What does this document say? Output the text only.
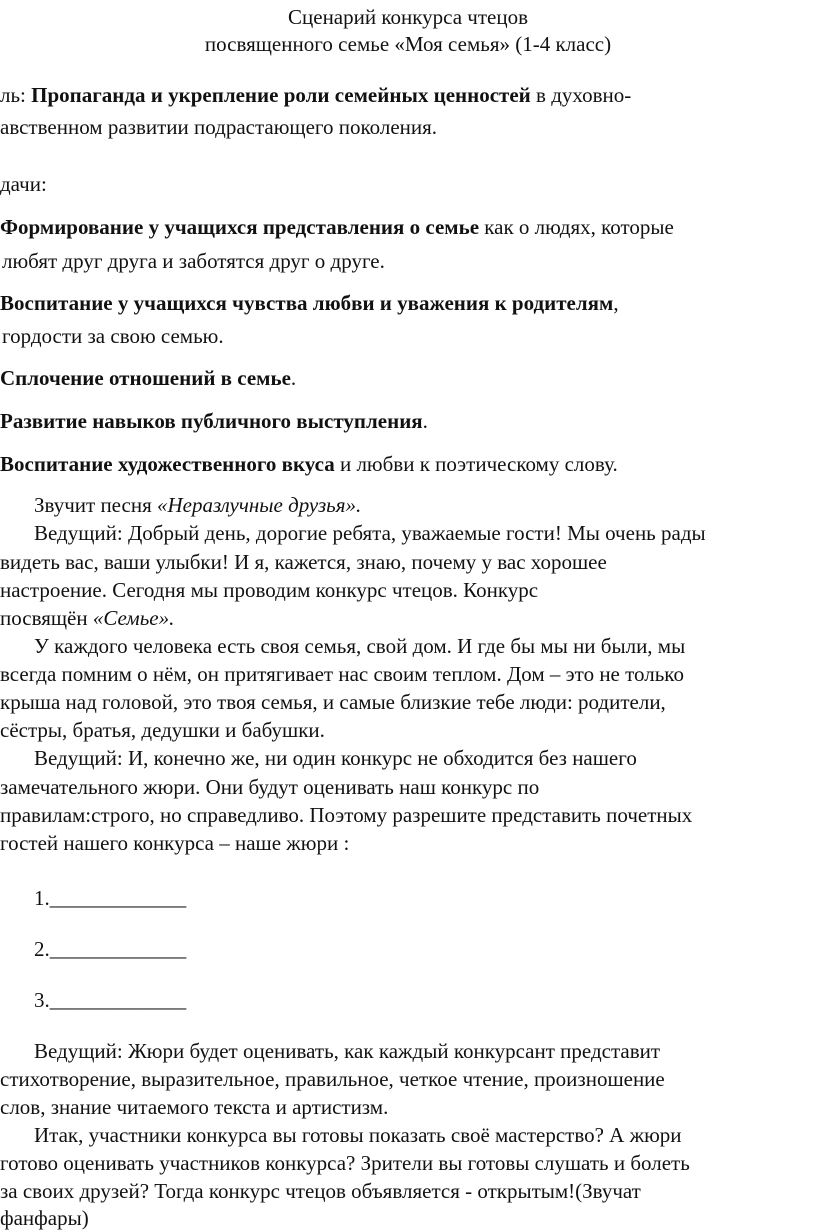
Сценарий конкурса чтецов
посвященного семье «Моя семья» (1-4 класс)
ль: Пропаганда и укрепление роли семейных ценностей в духовно-
авственном развитии подрастающего поколения.
дачи:
Формирование у учащихся представления о семье как о людях, которые
любят друг друга и заботятся друг о друге.
Воспитание у учащихся чувства любви и уважения к родителям,
гордости за свою семью.
Сплочение отношений в семье.
Развитие навыков публичного выступления.
Воспитание художественного вкуса и любви к поэтическому слову.
Звучит песня «Неразлучные друзья».
Ведущий: Добрый день, дорогие ребята, уважаемые гости! Мы очень рады
видеть вас, ваши улыбки! И я, кажется, знаю, почему у вас хорошее
настроение. Сегодня мы проводим конкурс чтецов. Конкурс
посвящён «Семье».
У каждого человека есть своя семья, свой дом. И где бы мы ни были, мы
всегда помним о нём, он притягивает нас своим теплом. Дом – это не только
крыша над головой, это твоя семья, и самые близкие тебе люди: родители,
сёстры, братья, дедушки и бабушки.
Ведущий: И, конечно же, ни один конкурс не обходится без нашего
замечательного жюри. Они будут оценивать наш конкурс по
правилам:строго, но справедливо. Поэтому разрешите представить почетных
гостей нашего конкурса – наше жюри :
1._____________
2._____________
3._____________
Ведущий: Жюри будет оценивать, как каждый конкурсант представит
стихотворение, выразительное, правильное, четкое чтение, произношение
слов, знание читаемого текста и артистизм.
Итак, участники конкурса вы готовы показать своё мастерство? А жюри
готово оценивать участников конкурса? Зрители вы готовы слушать и болеть
за своих друзей? Тогда конкурс чтецов объявляется - открытым!(Звучат
фанфары)
